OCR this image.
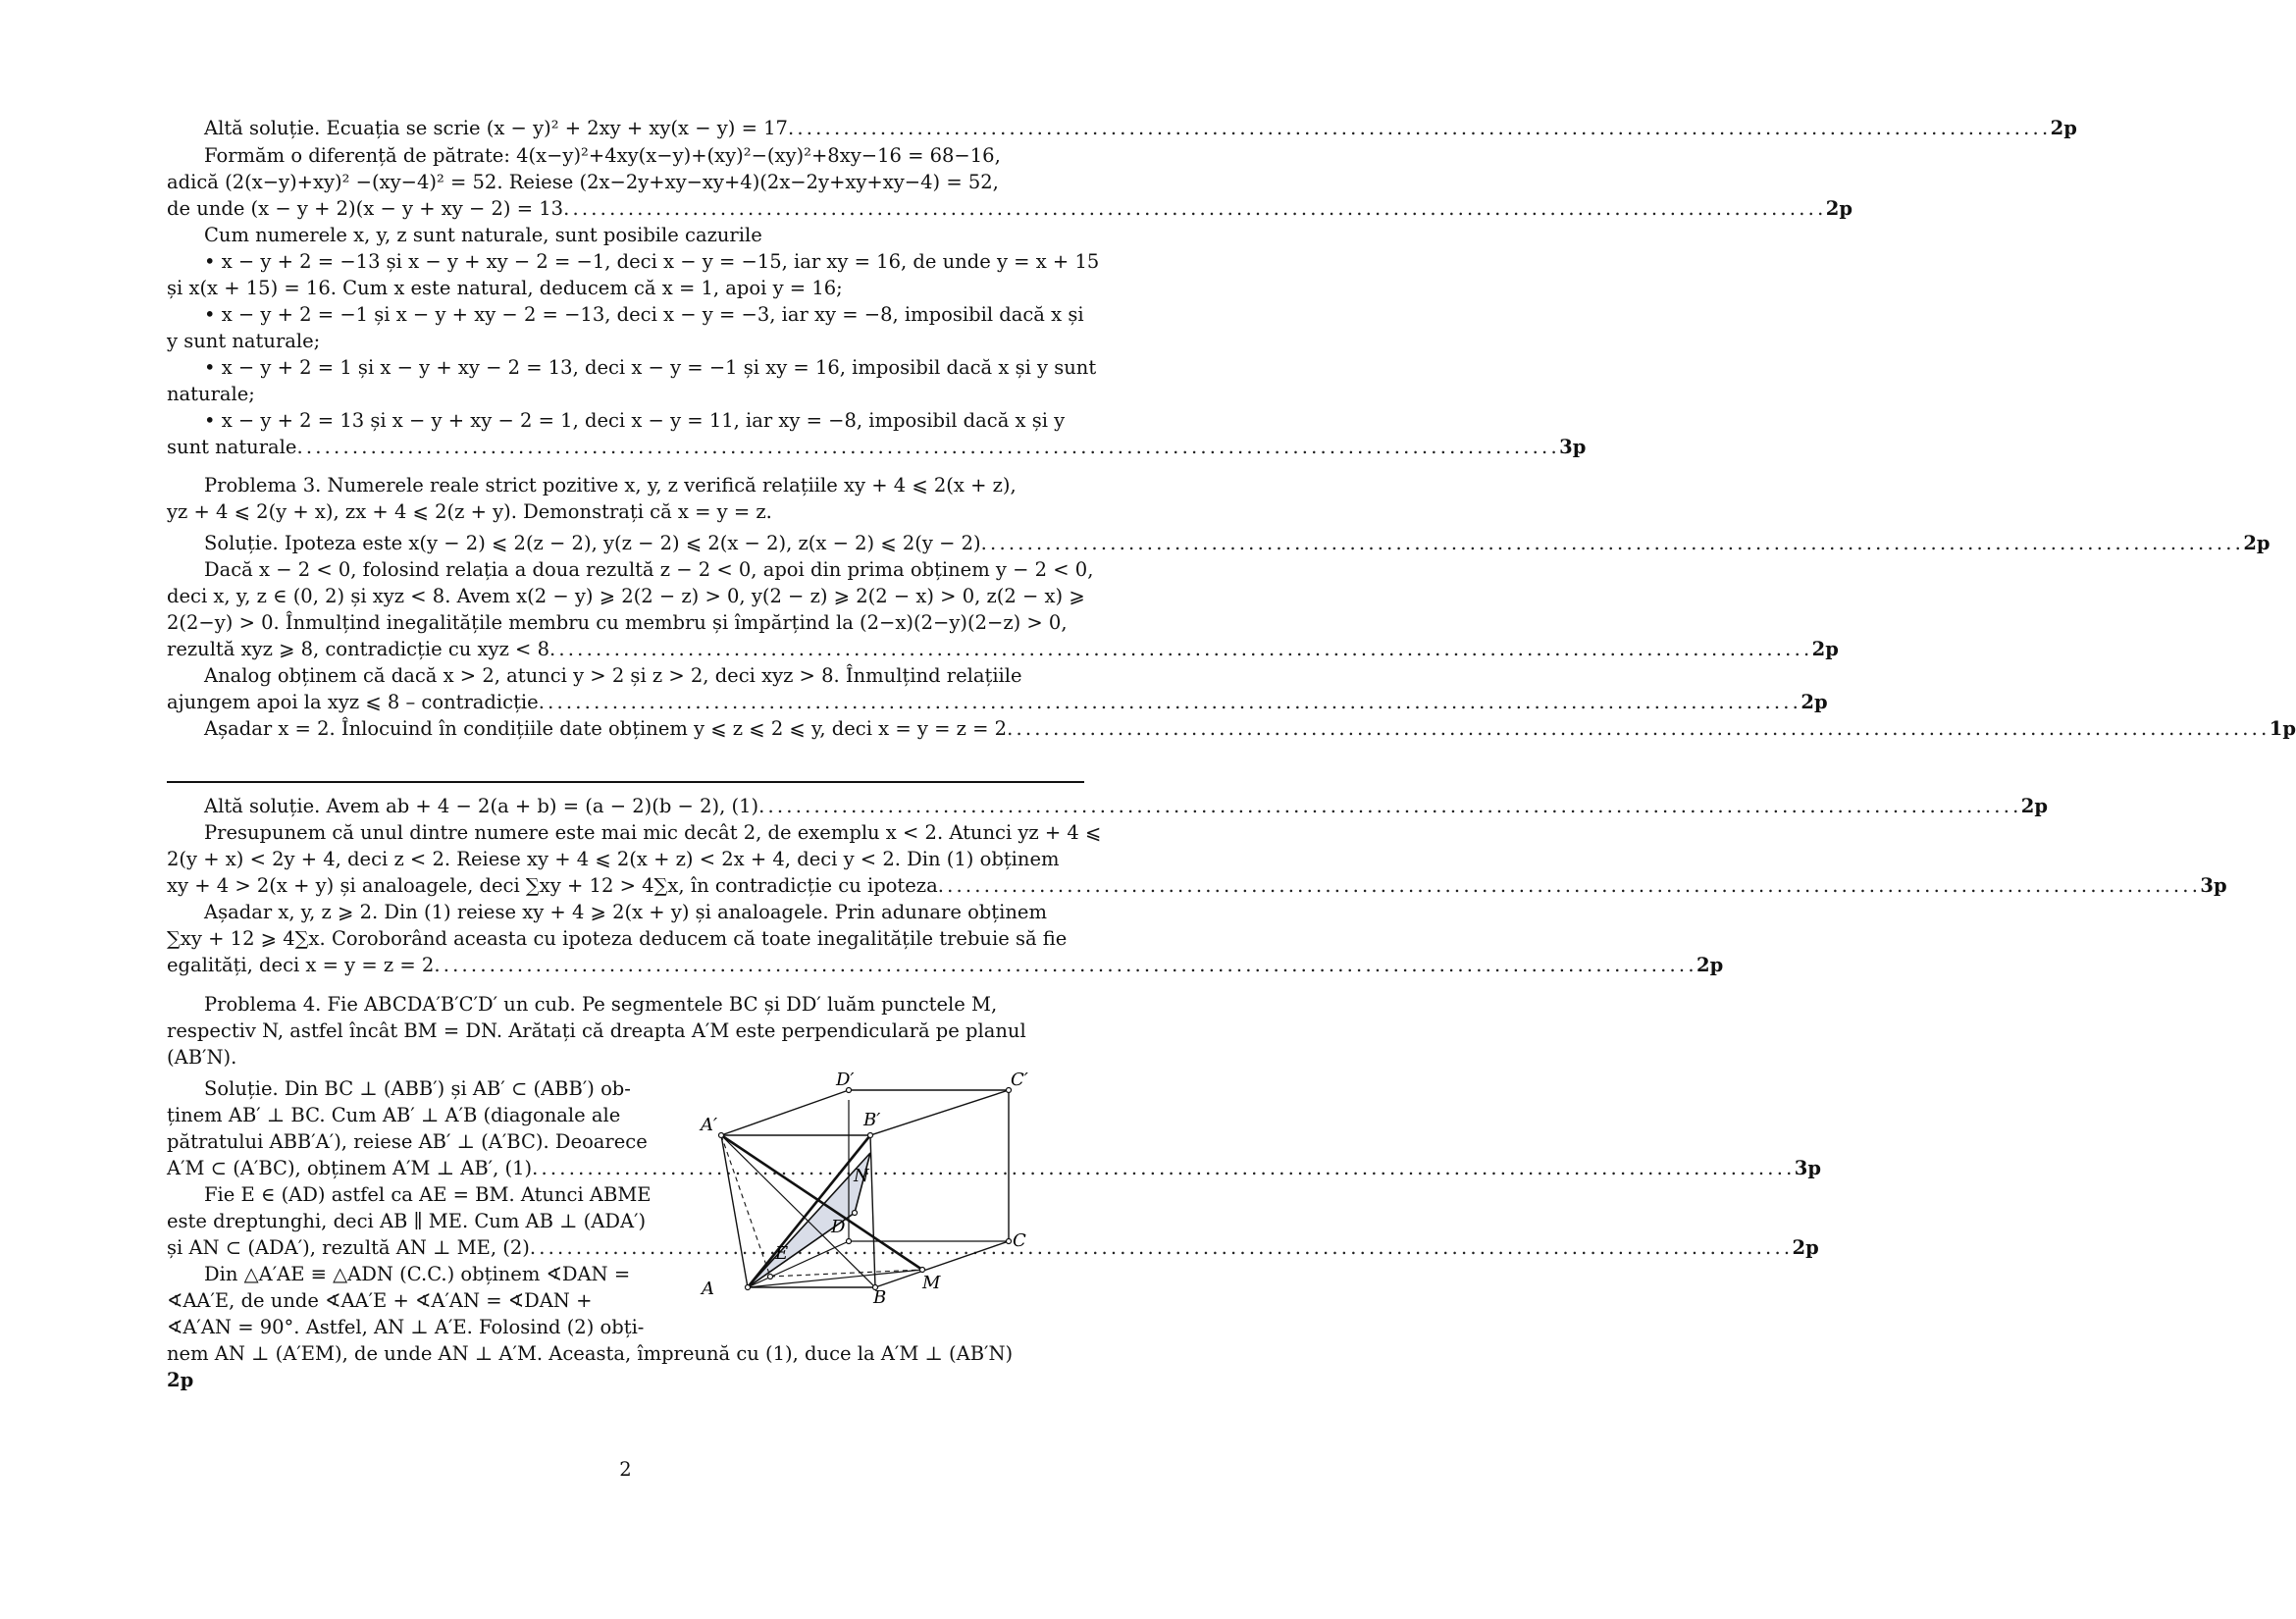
Altă soluție. Ecuația se scrie (x − y)² + 2xy + xy(x − y) = 17 . . .	2p
Formăm o diferență de pătrate: 4(x−y)²+4xy(x−y)+(xy)²−(xy)²+8xy−16 = 68−16,
adică (2(x−y)+xy)² −(xy−4)² = 52. Reiese (2x−2y+xy−xy+4)(2x−2y+xy+xy−4) = 52,
de unde (x − y + 2)(x − y + xy − 2) = 13 . . .	2p
Cum numerele x, y, z sunt naturale, sunt posibile cazurile
• x − y + 2 = −13 și x − y + xy − 2 = −1, deci x − y = −15, iar xy = 16, de unde y = x + 15
și x(x + 15) = 16. Cum x este natural, deducem că x = 1, apoi y = 16;
• x − y + 2 = −1 și x − y + xy − 2 = −13, deci x − y = −3, iar xy = −8, imposibil dacă x și
y sunt naturale;
• x − y + 2 = 1 și x − y + xy − 2 = 13, deci x − y = −1 și xy = 16, imposibil dacă x și y sunt
naturale;
• x − y + 2 = 13 și x − y + xy − 2 = 1, deci x − y = 11, iar xy = −8, imposibil dacă x și y
sunt naturale . . .	3p
Problema 3. Numerele reale strict pozitive x, y, z verifică relațiile xy + 4 ⩽ 2(x + z),
yz + 4 ⩽ 2(y + x), zx + 4 ⩽ 2(z + y). Demonstrați că x = y = z.
Soluție. Ipoteza este x(y − 2) ⩽ 2(z − 2), y(z − 2) ⩽ 2(x − 2), z(x − 2) ⩽ 2(y − 2) . . .	2p
Dacă x − 2 < 0, folosind relația a doua rezultă z − 2 < 0, apoi din prima obținem y − 2 < 0,
deci x, y, z ∈ (0, 2) și xyz < 8. Avem x(2 − y) ⩾ 2(2 − z) > 0, y(2 − z) ⩾ 2(2 − x) > 0, z(2 − x) ⩾
2(2−y) > 0. Înmulțind inegalitățile membru cu membru și împărțind la (2−x)(2−y)(2−z) > 0,
rezultă xyz ⩾ 8, contradicție cu xyz < 8 . . .	2p
Analog obținem că dacă x > 2, atunci y > 2 și z > 2, deci xyz > 8. Înmulțind relațiile
ajungem apoi la xyz ⩽ 8 – contradicție . . .	2p
Așadar x = 2. Înlocuind în condițiile date obținem y ⩽ z ⩽ 2 ⩽ y, deci x = y = z = 2 . . .	1p
Altă soluție. Avem ab + 4 − 2(a + b) = (a − 2)(b − 2), (1) . . .	2p
Presupunem că unul dintre numere este mai mic decât 2, de exemplu x < 2. Atunci yz + 4 ⩽
2(y + x) < 2y + 4, deci z < 2. Reiese xy + 4 ⩽ 2(x + z) < 2x + 4, deci y < 2. Din (1) obținem
xy + 4 > 2(x + y) și analoagele, deci ∑xy + 12 > 4∑x, în contradicție cu ipoteza . . .	3p
Așadar x, y, z ⩾ 2. Din (1) reiese xy + 4 ⩾ 2(x + y) și analoagele. Prin adunare obținem
∑xy + 12 ⩾ 4∑x. Coroborând aceasta cu ipoteza deducem că toate inegalitățile trebuie să fie
egalități, deci x = y = z = 2 . . .	2p
Problema 4. Fie ABCDA′B′C′D′ un cub. Pe segmentele BC și DD′ luăm punctele M,
respectiv N, astfel încât BM = DN. Arătați că dreapta A′M este perpendiculară pe planul
(AB′N).
Soluție. Din BC ⊥ (ABB′) și AB′ ⊂ (ABB′) ob-
ținem AB′ ⊥ BC. Cum AB′ ⊥ A′B (diagonale ale
pătratului ABB′A′), reiese AB′ ⊥ (A′BC). Deoarece
A′M ⊂ (A′BC), obținem A′M ⊥ AB′, (1) . . .	3p
Fie E ∈ (AD) astfel ca AE = BM. Atunci ABME
este dreptunghi, deci AB ∥ ME. Cum AB ⊥ (ADA′)
și AN ⊂ (ADA′), rezultă AN ⊥ ME, (2) . . .	2p
Din △A′AE ≡ △ADN (C.C.) obținem ∢DAN =
∢AA′E, de unde ∢AA′E + ∢A′AN = ∢DAN +
∢A′AN = 90°. Astfel, AN ⊥ A′E. Folosind (2) obți-
nem AN ⊥ (A′EM), de unde AN ⊥ A′M. Aceasta, împreună cu (1), duce la A′M ⊥ (AB′N)
2p
D′	C′
A′	B′
N
D
C
E
M
A	B
2
